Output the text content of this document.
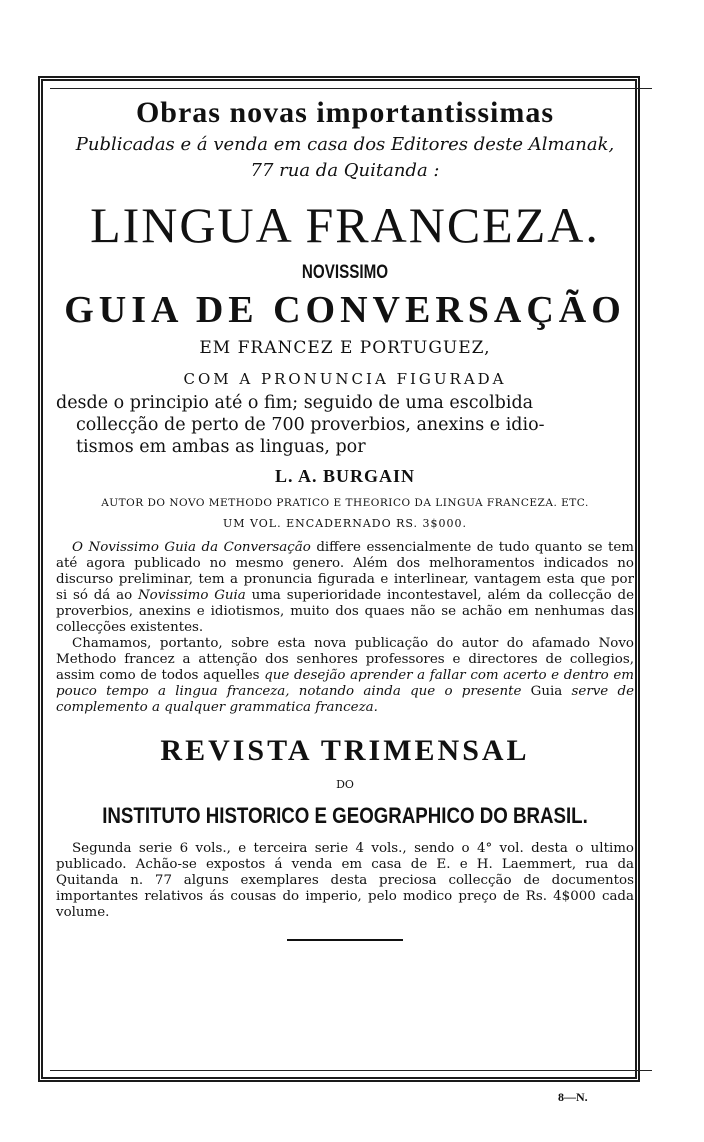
Obras novas importantissimas
Publicadas e á venda em casa dos Editores deste Almanak,
77 rua da Quitanda :
LINGUA FRANCEZA.
NOVISSIMO
GUIA DE CONVERSAÇÃO
EM FRANCEZ E PORTUGUEZ,
COM A PRONUNCIA FIGURADA
desde o principio até o fim; seguido de uma escolbida
collecção de perto de 700 proverbios, anexins e idio-
tismos em ambas as linguas, por
L. A. BURGAIN
AUTOR DO NOVO METHODO PRATICO E THEORICO DA LINGUA FRANCEZA. ETC.
UM VOL. ENCADERNADO RS. 3$000.

O Novissimo Guia da Conversação differe essencialmente de tudo quanto se tem até agora publicado no mesmo genero. Além dos melhoramentos indicados no discurso preliminar, tem a pronuncia figurada e interlinear, vantagem esta que por si só dá ao Novissimo Guia uma superioridade incontestavel, além da collecção de proverbios, anexins e idiotismos, muito dos quaes não se achão em nenhumas das collecções existentes.

Chamamos, portanto, sobre esta nova publicação do autor do afamado Novo Methodo francez a attenção dos senhores professores e directores de collegios, assim como de todos aquelles que desejão aprender a fallar com acerto e dentro em pouco tempo a lingua franceza, notando ainda que o presente Guia serve de complemento a qualquer grammatica franceza.

REVISTA TRIMENSAL
DO
INSTITUTO HISTORICO E GEOGRAPHICO DO BRASIL.

Segunda serie 6 vols., e terceira serie 4 vols., sendo o 4° vol. desta o ultimo publicado. Achão-se expostos á venda em casa de E. e H. Laemmert, rua da Quitanda n. 77 alguns exemplares desta preciosa collecção de documentos importantes relativos ás cousas do imperio, pelo modico preço de Rs. 4$000 cada volume.

8—N.
